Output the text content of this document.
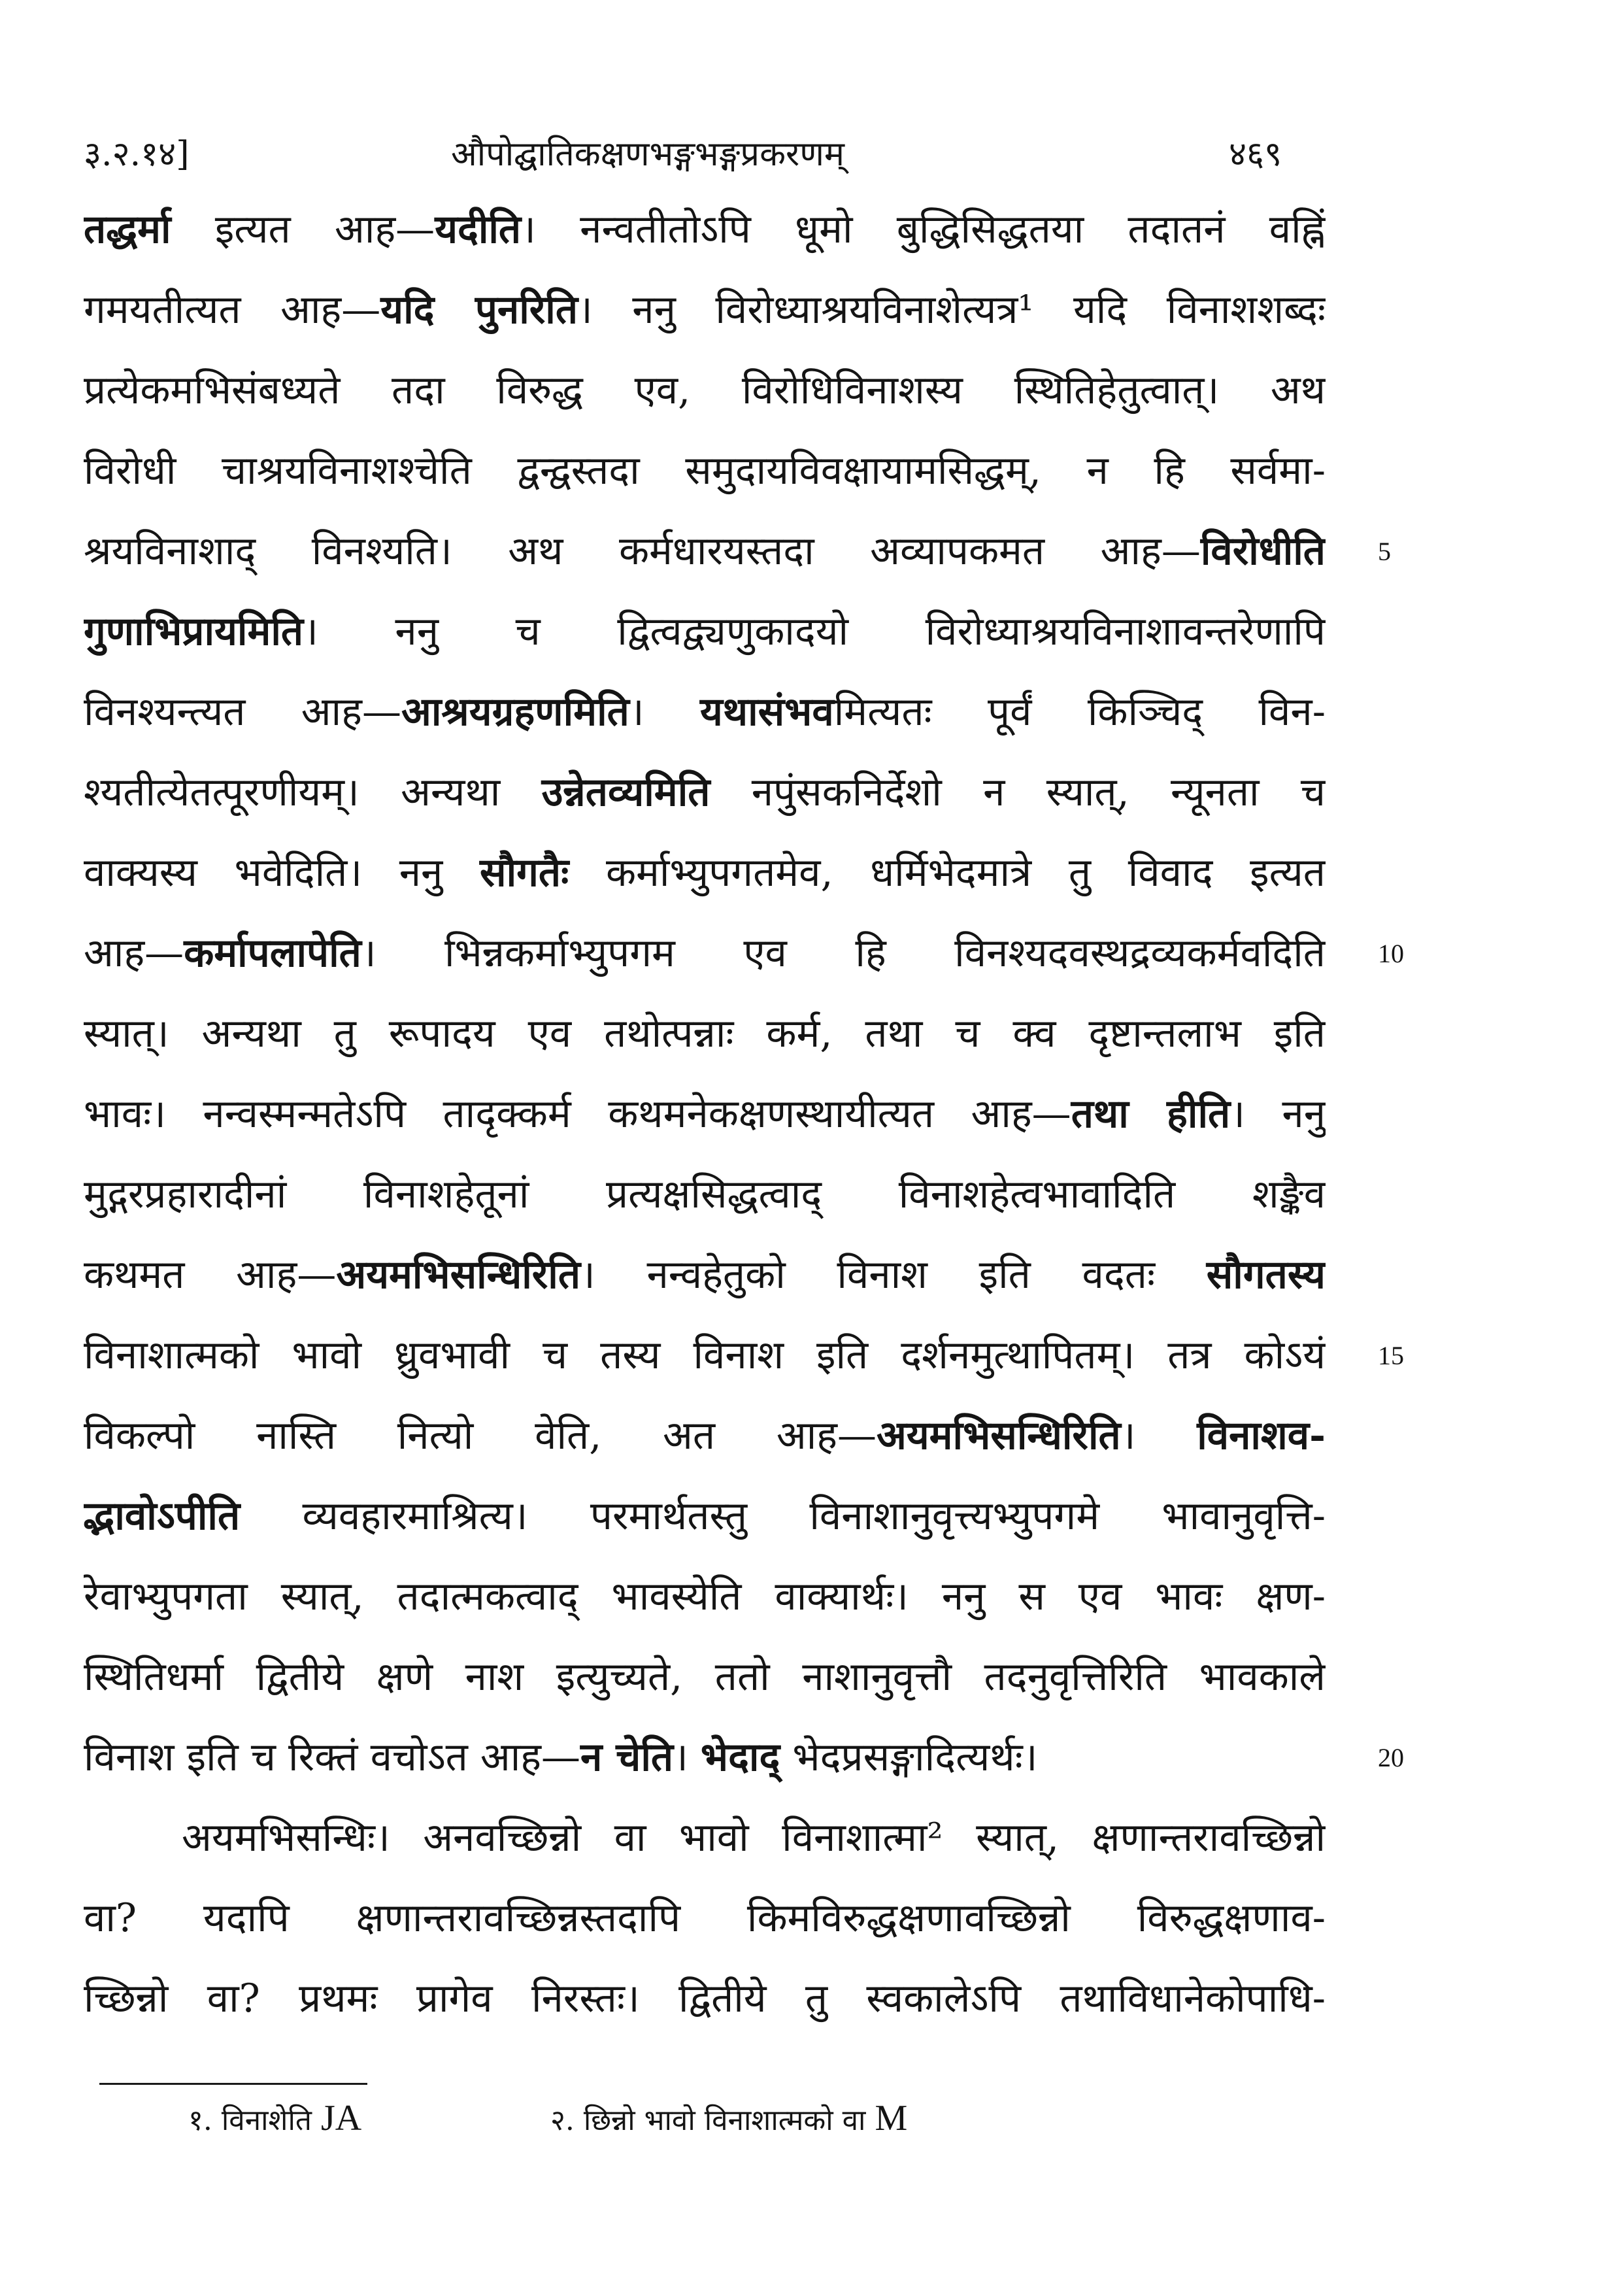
३.२.१४]	औपोद्घातिकक्षणभङ्गभङ्गप्रकरणम्	४६९
तद्धर्मा इत्यत आह—यदीति। नन्वतीतोऽपि धूमो बुद्धिसिद्धतया तदातनं वह्निं
गमयतीत्यत आह—यदि पुनरिति। ननु विरोध्याश्रयविनाशेत्यत्र¹ यदि विनाशशब्दः
प्रत्येकमभिसंबध्यते तदा विरुद्ध एव, विरोधिविनाशस्य स्थितिहेतुत्वात्। अथ
विरोधी चाश्रयविनाशश्चेति द्वन्द्वस्तदा समुदायविवक्षायामसिद्धम्, न हि सर्वमा-
श्रयविनाशाद् विनश्यति। अथ कर्मधारयस्तदा अव्यापकमत आह—विरोधीति
गुणाभिप्रायमिति। ननु च द्वित्वद्व्यणुकादयो विरोध्याश्रयविनाशावन्तरेणापि
विनश्यन्त्यत आह—आश्रयग्रहणमिति। यथासंभवमित्यतः पूर्वं किञ्चिद् विन-
श्यतीत्येतत्पूरणीयम्। अन्यथा उन्नेतव्यमिति नपुंसकनिर्देशो न स्यात्, न्यूनता च
वाक्यस्य भवेदिति। ननु सौगतैः कर्माभ्युपगतमेव, धर्मिभेदमात्रे तु विवाद इत्यत
आह—कर्मापलापेति। भिन्नकर्माभ्युपगम एव हि विनश्यदवस्थद्रव्यकर्मवदिति
स्यात्। अन्यथा तु रूपादय एव तथोत्पन्नाः कर्म, तथा च क्व दृष्टान्तलाभ इति
भावः। नन्वस्मन्मतेऽपि तादृक्कर्म कथमनेकक्षणस्थायीत्यत आह—तथा हीति। ननु
मुद्गरप्रहारादीनां विनाशहेतूनां प्रत्यक्षसिद्धत्वाद् विनाशहेत्वभावादिति शङ्कैव
कथमत आह—अयमभिसन्धिरिति। नन्वहेतुको विनाश इति वदतः सौगतस्य
विनाशात्मको भावो ध्रुवभावी च तस्य विनाश इति दर्शनमुत्थापितम्। तत्र कोऽयं
विकल्पो नास्ति नित्यो वेति, अत आह—अयमभिसन्धिरिति। विनाशव-
द्भावोऽपीति व्यवहारमाश्रित्य। परमार्थतस्तु विनाशानुवृत्त्यभ्युपगमे भावानुवृत्ति-
रेवाभ्युपगता स्यात्, तदात्मकत्वाद् भावस्येति वाक्यार्थः। ननु स एव भावः क्षण-
स्थितिधर्मा द्वितीये क्षणे नाश इत्युच्यते, ततो नाशानुवृत्तौ तदनुवृत्तिरिति भावकाले
विनाश इति च रिक्तं वचोऽत आह—न चेति। भेदाद् भेदप्रसङ्गादित्यर्थः।
अयमभिसन्धिः। अनवच्छिन्नो वा भावो विनाशात्मा² स्यात्, क्षणान्तरावच्छिन्नो
वा? यदापि क्षणान्तरावच्छिन्नस्तदापि किमविरुद्धक्षणावच्छिन्नो विरुद्धक्षणाव-
च्छिन्नो वा? प्रथमः प्रागेव निरस्तः। द्वितीये तु स्वकालेऽपि तथाविधानेकोपाधि-
5
10
15
20
१. विनाशेति JA	२. छिन्नो भावो विनाशात्मको वा M
